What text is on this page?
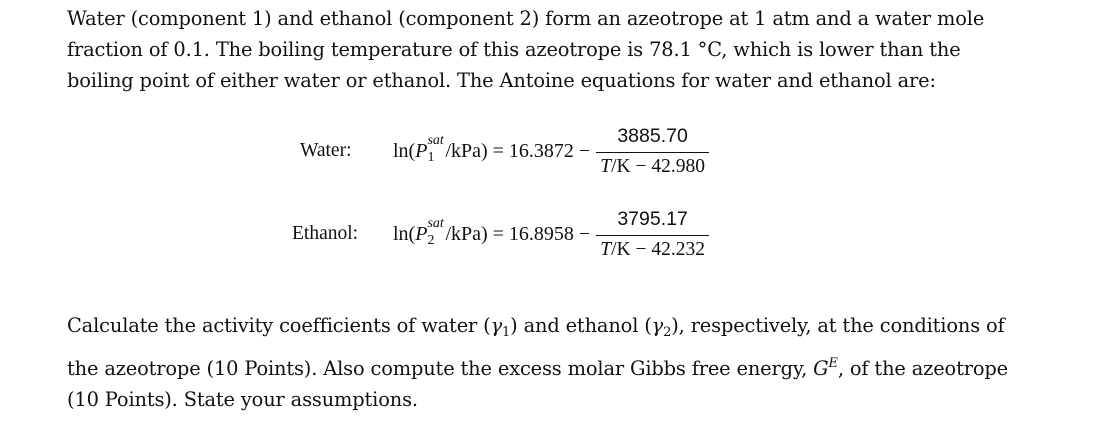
Water (component 1) and ethanol (component 2) form an azeotrope at 1 atm and a water mole
fraction of 0.1. The boiling temperature of this azeotrope is 78.1 °C, which is lower than the
boiling point of either water or ethanol. The Antoine equations for water and ethanol are:
Water:	ln( P sat
1 $/kPa) = 16.3872 - \frac{3885.70}{T/K - 42.980}$
Ethanol:	ln( P sat
2 $/kPa) = 16.8958 - \frac{3795.17}{T/K - 42.232}$
Calculate the activity coefficients of water $(\gamma_1)$ and ethanol $(\gamma_2)$, respectively, at the conditions of
the azeotrope (10 Points). Also compute the excess molar Gibbs free energy, $G^E$, of the azeotrope
(10 Points). State your assumptions.
